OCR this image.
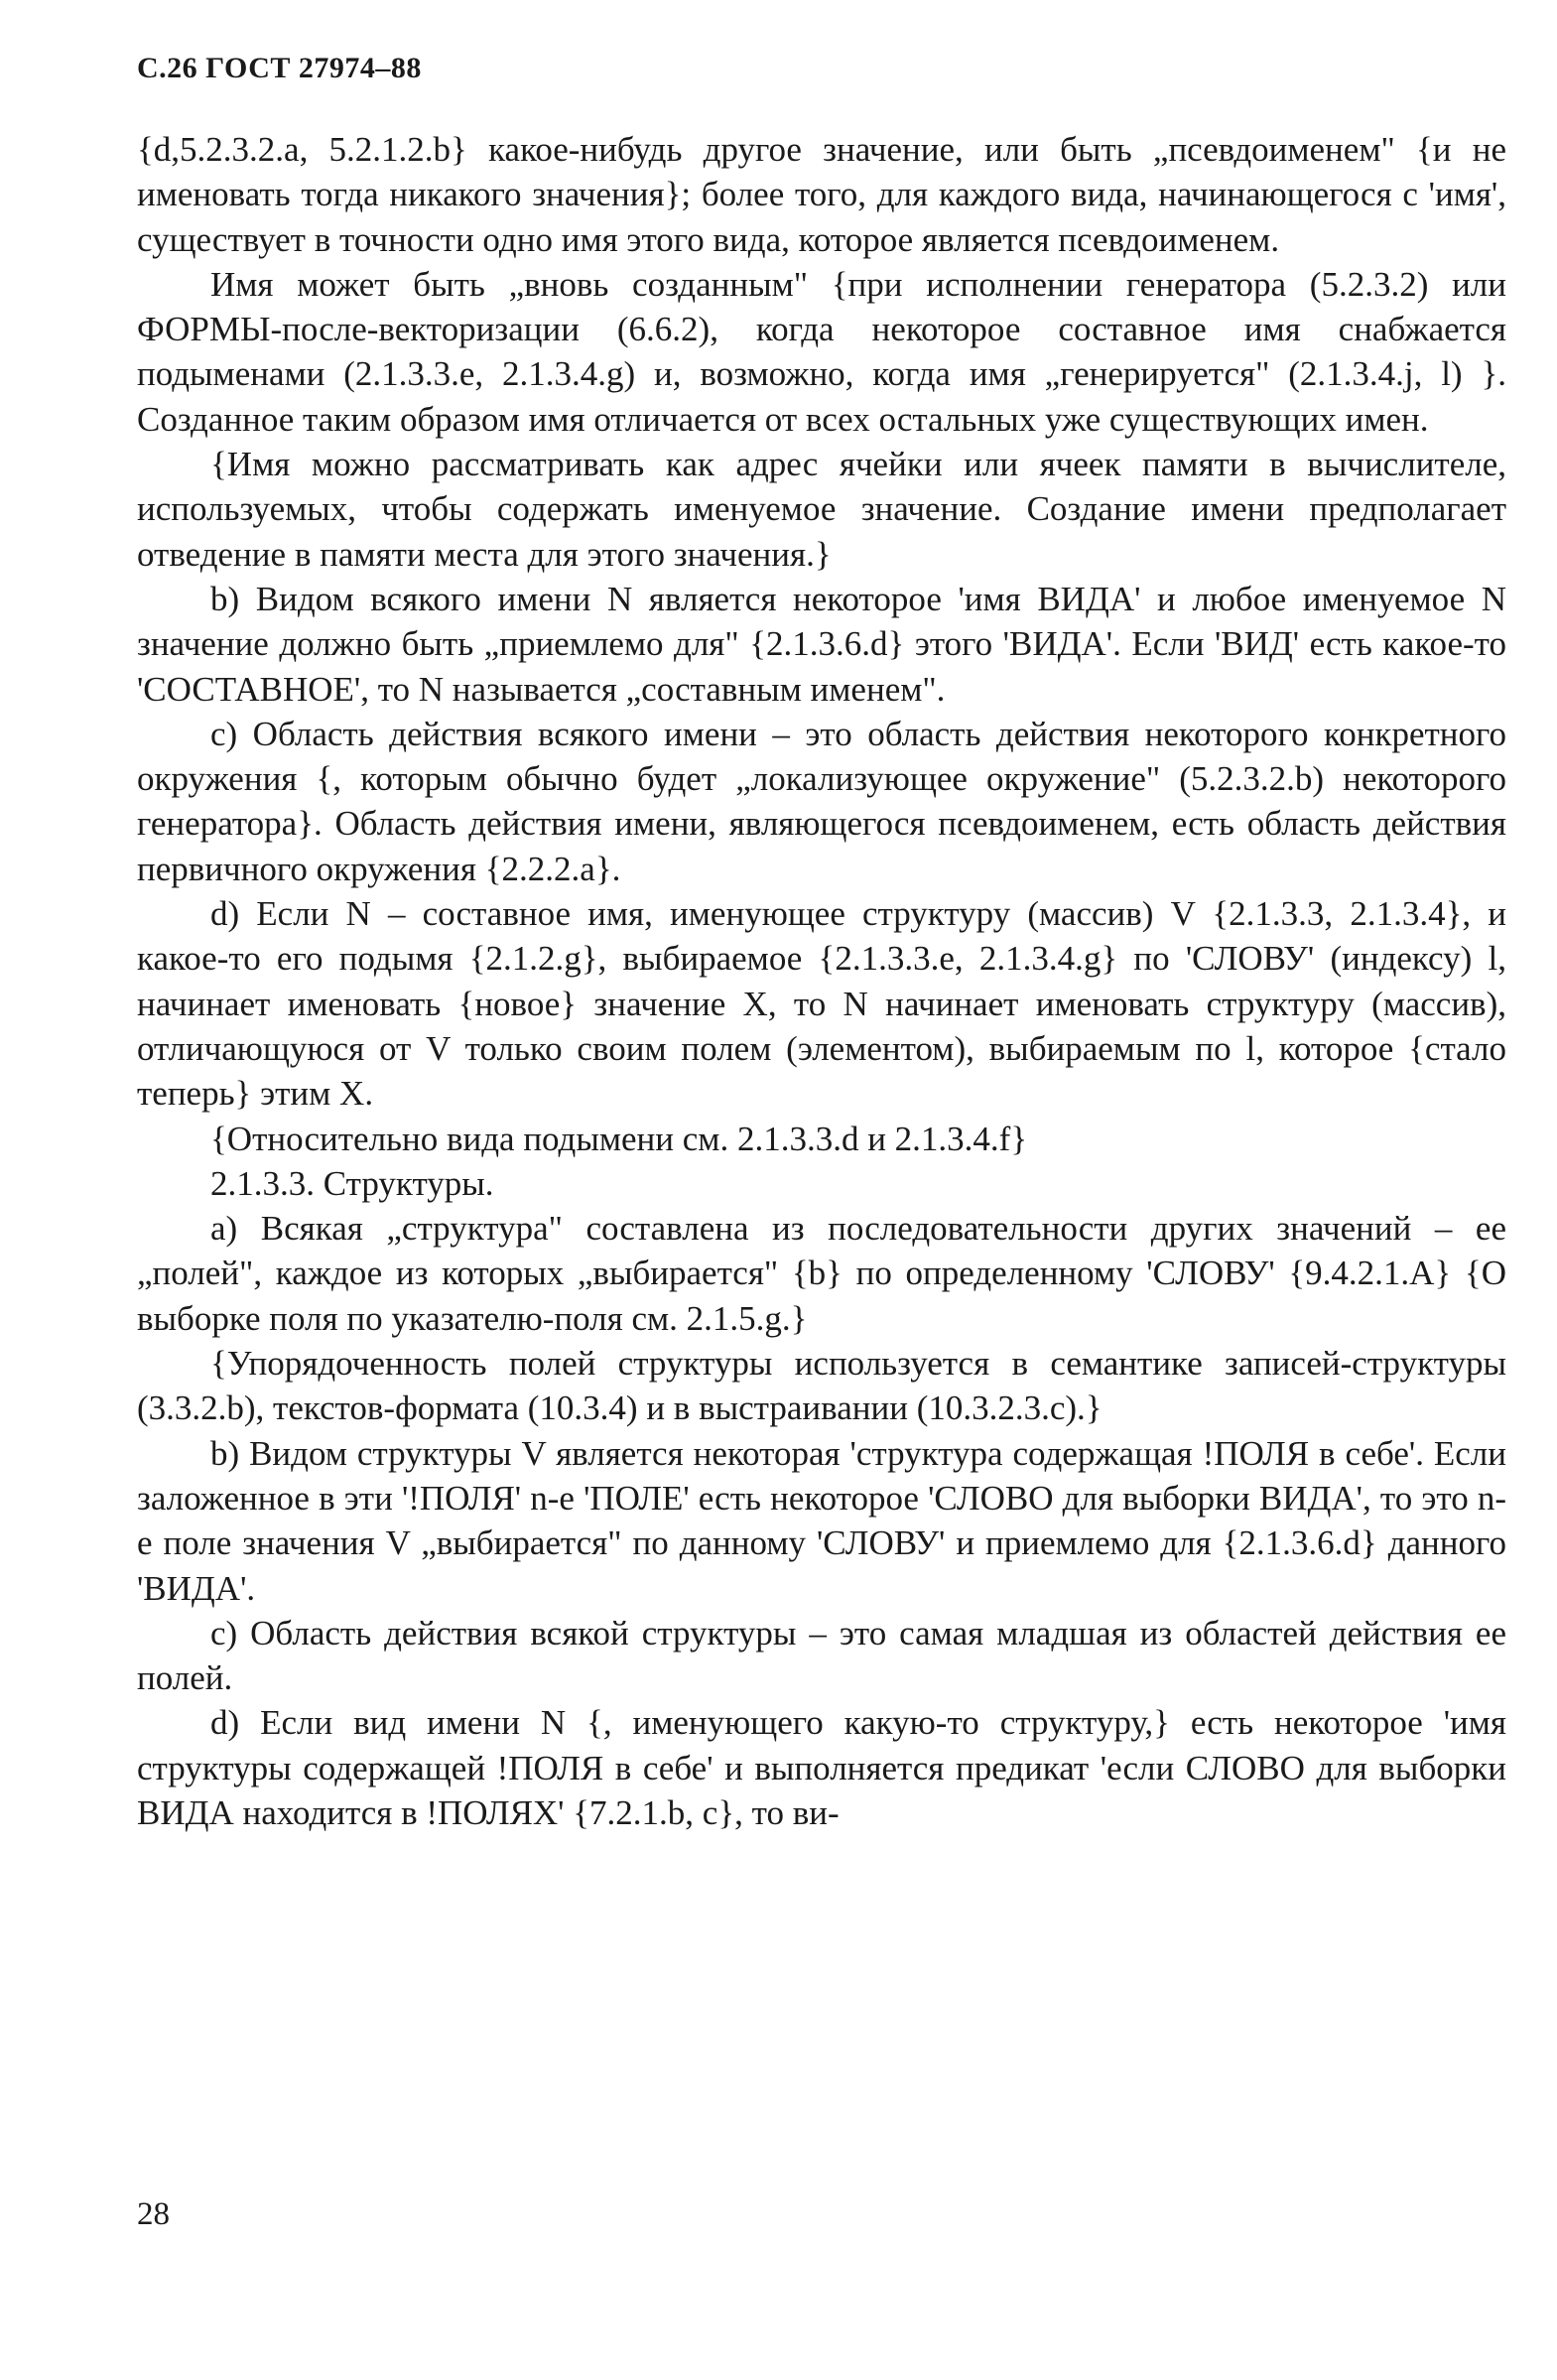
С.26 ГОСТ 27974–88

{d,5.2.3.2.a, 5.2.1.2.b} какое-нибудь другое значение, или быть „псевдоименем" {и не именовать тогда никакого значения}; более того, для каждого вида, начинающегося с 'имя', существует в точности одно имя этого вида, которое является псевдоименем.

Имя может быть „вновь созданным" {при исполнении генератора (5.2.3.2) или ФОРМЫ-после-векторизации (6.6.2), когда некоторое составное имя снабжается подыменами (2.1.3.3.e, 2.1.3.4.g) и, возможно, когда имя „генерируется" (2.1.3.4.j, l) }. Созданное таким образом имя отличается от всех остальных уже существующих имен.

{Имя можно рассматривать как адрес ячейки или ячеек памяти в вычислителе, используемых, чтобы содержать именуемое значение. Создание имени предполагает отведение в памяти места для этого значения.}

b) Видом всякого имени N является некоторое 'имя ВИДА' и любое именуемое N значение должно быть „приемлемо для" {2.1.3.6.d} этого 'ВИДА'. Если 'ВИД' есть какое-то 'СОСТАВНОЕ', то N называется „составным именем".

c) Область действия всякого имени – это область действия некоторого конкретного окружения {, которым обычно будет „локализующее окружение" (5.2.3.2.b) некоторого генератора}. Область действия имени, являющегося псевдоименем, есть область действия первичного окружения {2.2.2.a}.

d) Если N – составное имя, именующее структуру (массив) V {2.1.3.3, 2.1.3.4}, и какое-то его подымя {2.1.2.g}, выбираемое {2.1.3.3.e, 2.1.3.4.g} по 'СЛОВУ' (индексу) l, начинает именовать {новое} значение X, то N начинает именовать структуру (массив), отличающуюся от V только своим полем (элементом), выбираемым по l, которое {стало теперь} этим X.

{Относительно вида подымени см. 2.1.3.3.d и 2.1.3.4.f}

2.1.3.3. Структуры.

a) Всякая „структура" составлена из последовательности других значений – ее „полей", каждое из которых „выбирается" {b} по определенному 'СЛОВУ' {9.4.2.1.A} {О выборке поля по указателю-поля см. 2.1.5.g.}

{Упорядоченность полей структуры используется в семантике записей-структуры (3.3.2.b), текстов-формата (10.3.4) и в выстраивании (10.3.2.3.c).}

b) Видом структуры V является некоторая 'структура содержащая !ПОЛЯ в себе'. Если заложенное в эти '!ПОЛЯ' n-е 'ПОЛЕ' есть некоторое 'СЛОВО для выборки ВИДА', то это n-е поле значения V „выбирается" по данному 'СЛОВУ' и приемлемо для {2.1.3.6.d} данного 'ВИДА'.

c) Область действия всякой структуры – это самая младшая из областей действия ее полей.

d) Если вид имени N {, именующего какую-то структуру,} есть некоторое 'имя структуры содержащей !ПОЛЯ в себе' и выполняется предикат 'если СЛОВО для выборки ВИДА находится в !ПОЛЯХ' {7.2.1.b, c}, то ви-

28
